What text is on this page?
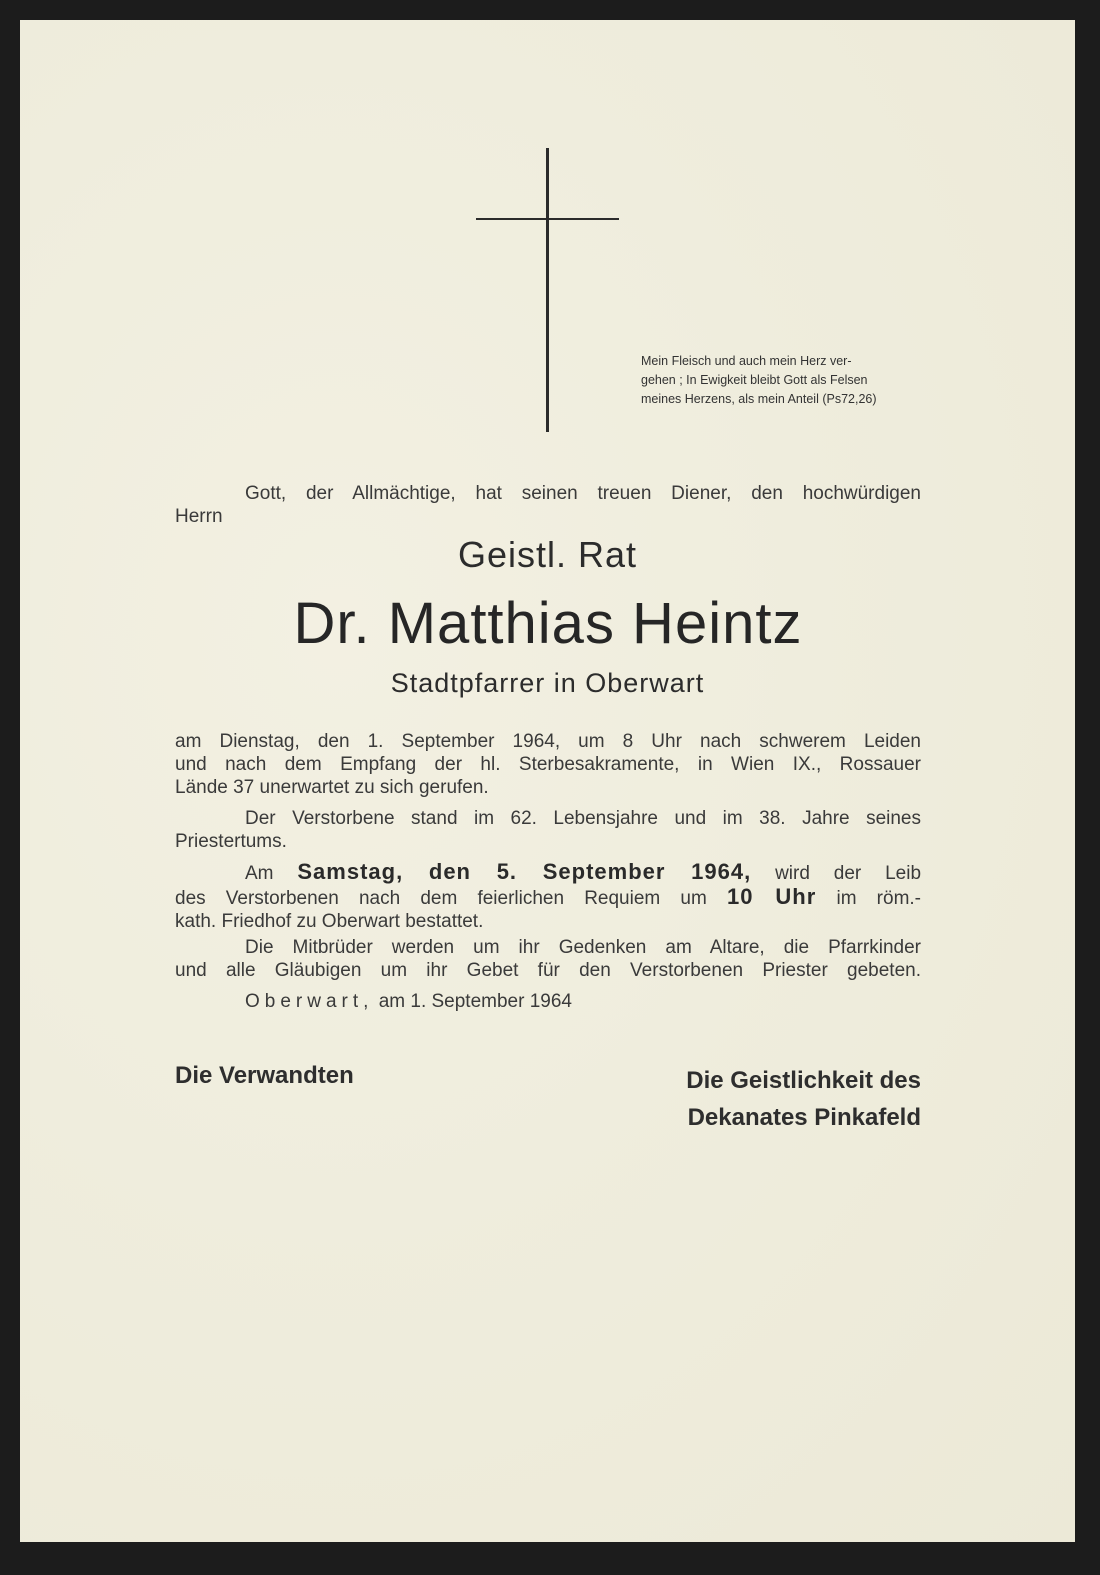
Mein Fleisch und auch mein Herz ver-
gehen ; In Ewigkeit bleibt Gott als Felsen
meines Herzens, als mein Anteil (Ps72,26)
Gott, der Allmächtige, hat seinen treuen Diener, den hochwürdigen
Herrn
Geistl. Rat
Dr. Matthias Heintz
Stadtpfarrer in Oberwart
am Dienstag, den 1. September 1964, um 8 Uhr nach schwerem Leiden
und nach dem Empfang der hl. Sterbesakramente, in Wien IX., Rossauer
Lände 37 unerwartet zu sich gerufen.
Der Verstorbene stand im 62. Lebensjahre und im 38. Jahre seines
Priestertums.
Am Samstag, den 5. September 1964, wird der Leib
des Verstorbenen nach dem feierlichen Requiem um 10 Uhr im röm.-
kath. Friedhof zu Oberwart bestattet.
Die Mitbrüder werden um ihr Gedenken am Altare, die Pfarrkinder
und alle Gläubigen um ihr Gebet für den Verstorbenen Priester gebeten.
Oberwart, am 1. September 1964
Die Verwandten	Die Geistlichkeit des
Dekanates Pinkafeld
